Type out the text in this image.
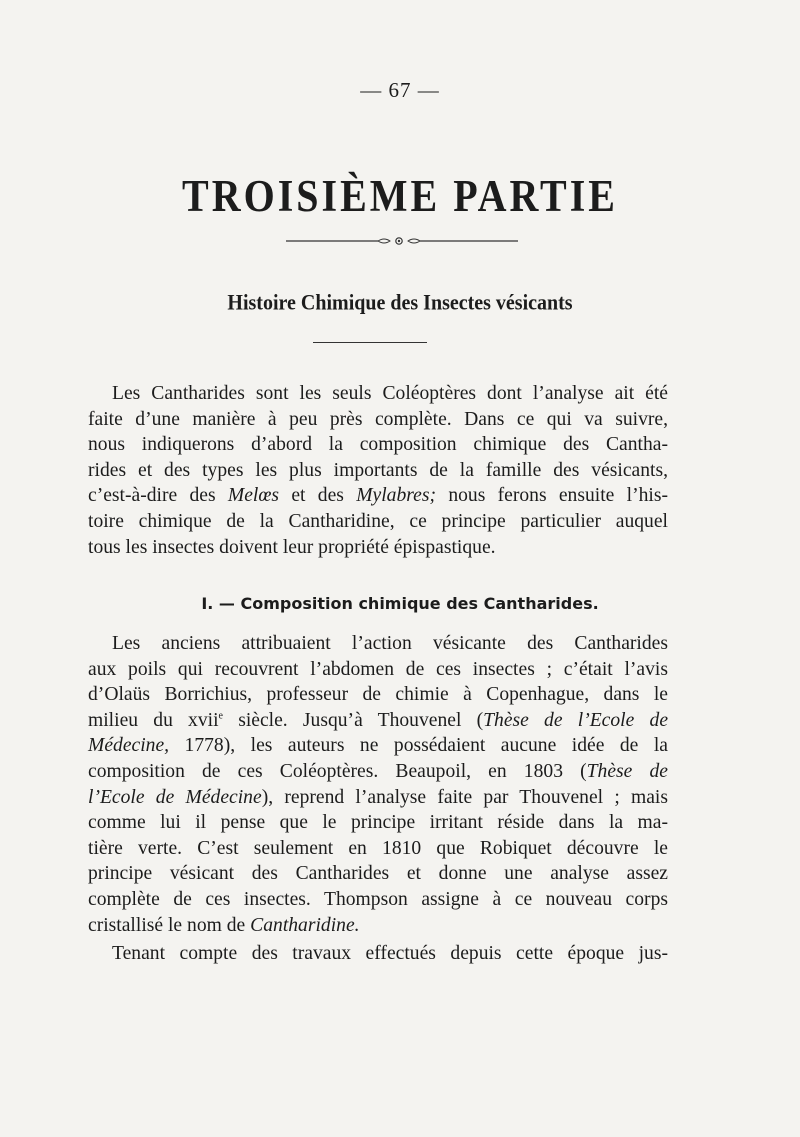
— 67 —
TROISIÈME PARTIE
Histoire Chimique des Insectes vésicants
Les Cantharides sont les seuls Coléoptères dont l’analyse ait été
faite d’une manière à peu près complète. Dans ce qui va suivre,
nous indiquerons d’abord la composition chimique des Cantha-
rides et des types les plus importants de la famille des vésicants,
c’est-à-dire des Melœs et des Mylabres; nous ferons ensuite l’his-
toire chimique de la Cantharidine, ce principe particulier auquel
tous les insectes doivent leur propriété épispastique.
I. — Composition chimique des Cantharides.
Les anciens attribuaient l’action vésicante des Cantharides
aux poils qui recouvrent l’abdomen de ces insectes ; c’était l’avis
d’Olaüs Borrichius, professeur de chimie à Copenhague, dans le
milieu du xvii$^e$ siècle. Jusqu’à Thouvenel (Thèse de l’Ecole de
Médecine, 1778), les auteurs ne possédaient aucune idée de la
composition de ces Coléoptères. Beaupoil, en 1803 (Thèse de
l’Ecole de Médecine), reprend l’analyse faite par Thouvenel ; mais
comme lui il pense que le principe irritant réside dans la ma-
tière verte. C’est seulement en 1810 que Robiquet découvre le
principe vésicant des Cantharides et donne une analyse assez
complète de ces insectes. Thompson assigne à ce nouveau corps
cristallisé le nom de Cantharidine.
Tenant compte des travaux effectués depuis cette époque jus-
